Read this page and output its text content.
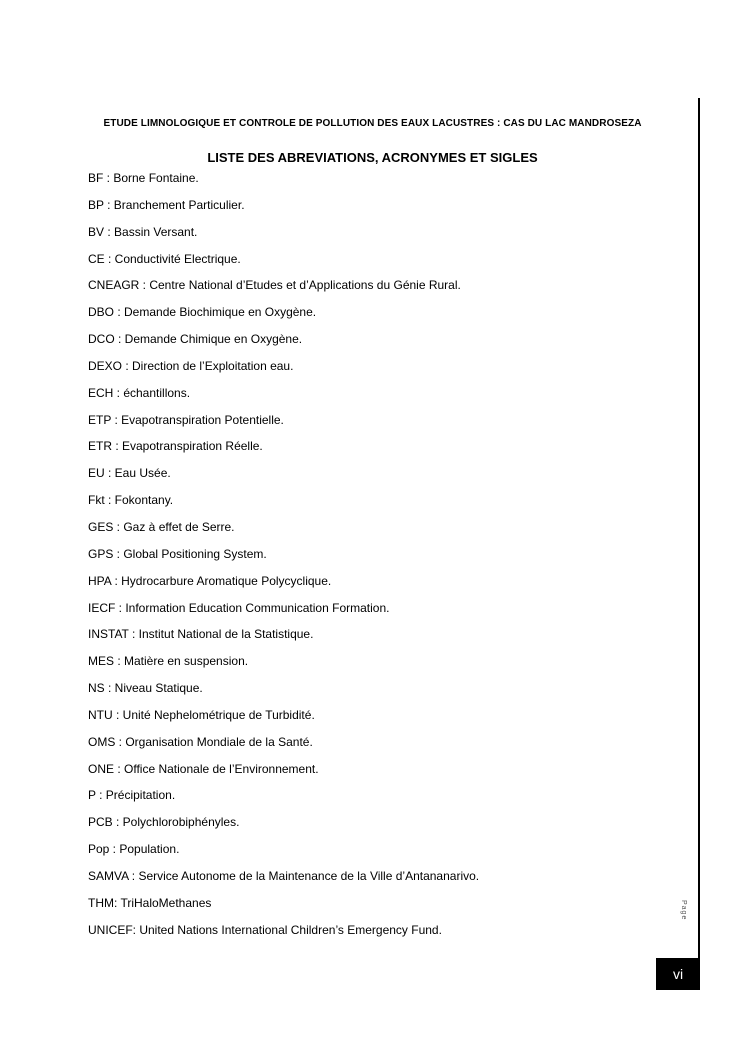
ETUDE LIMNOLOGIQUE ET CONTROLE DE POLLUTION DES EAUX LACUSTRES : CAS DU LAC MANDROSEZA
LISTE DES ABREVIATIONS, ACRONYMES ET SIGLES
BF : Borne Fontaine.
BP : Branchement Particulier.
BV : Bassin Versant.
CE : Conductivité Electrique.
CNEAGR : Centre National d’Etudes et d’Applications du Génie Rural.
DBO : Demande Biochimique en Oxygène.
DCO : Demande Chimique en Oxygène.
DEXO : Direction de l’Exploitation eau.
ECH : échantillons.
ETP : Evapotranspiration Potentielle.
ETR : Evapotranspiration Réelle.
EU : Eau Usée.
Fkt : Fokontany.
GES : Gaz à effet de Serre.
GPS : Global Positioning System.
HPA : Hydrocarbure Aromatique Polycyclique.
IECF : Information Education Communication Formation.
INSTAT : Institut National de la Statistique.
MES : Matière en suspension.
NS : Niveau Statique.
NTU : Unité Nephelométrique de Turbidité.
OMS : Organisation Mondiale de la Santé.
ONE : Office Nationale de l’Environnement.
P : Précipitation.
PCB : Polychlorobiphényles.
Pop : Population.
SAMVA : Service Autonome de la Maintenance de la Ville d’Antananarivo.
THM: TriHaloMethanes
UNICEF: United Nations International Children’s Emergency Fund.
Page
vi
